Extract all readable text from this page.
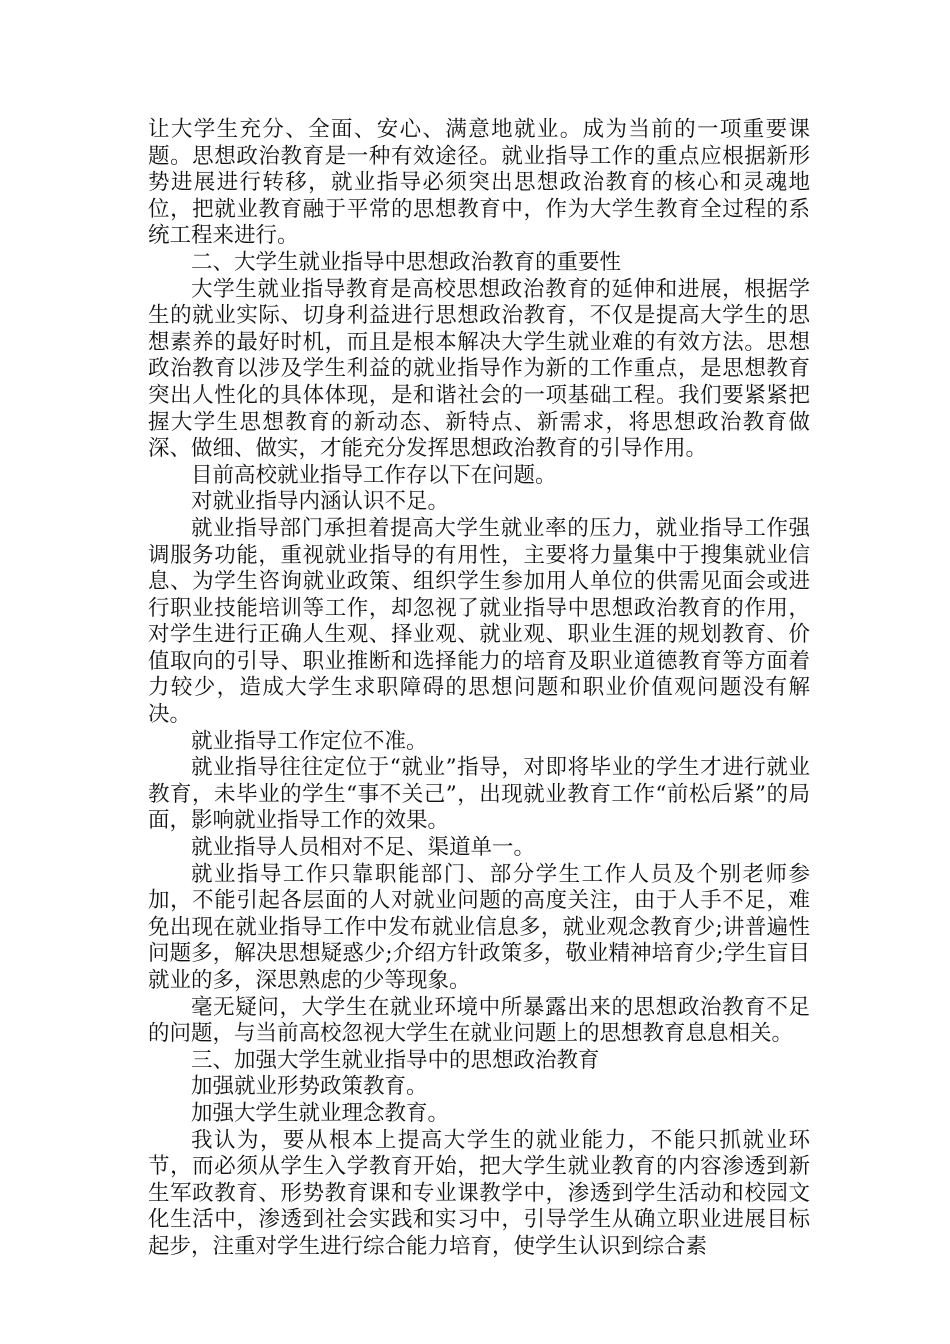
让大学生充分、全面、安心、满意地就业。成为当前的一项重要课题。思想政治教育是一种有效途径。就业指导工作的重点应根据新形势进展进行转移，就业指导必须突出思想政治教育的核心和灵魂地位，把就业教育融于平常的思想教育中，作为大学生教育全过程的系统工程来进行。

二、大学生就业指导中思想政治教育的重要性

大学生就业指导教育是高校思想政治教育的延伸和进展，根据学生的就业实际、切身利益进行思想政治教育，不仅是提高大学生的思想素养的最好时机，而且是根本解决大学生就业难的有效方法。思想政治教育以涉及学生利益的就业指导作为新的工作重点，是思想教育突出人性化的具体体现，是和谐社会的一项基础工程。我们要紧紧把握大学生思想教育的新动态、新特点、新需求，将思想政治教育做深、做细、做实，才能充分发挥思想政治教育的引导作用。

目前高校就业指导工作存以下在问题。

对就业指导内涵认识不足。

就业指导部门承担着提高大学生就业率的压力，就业指导工作强调服务功能，重视就业指导的有用性，主要将力量集中于搜集就业信息、为学生咨询就业政策、组织学生参加用人单位的供需见面会或进行职业技能培训等工作，却忽视了就业指导中思想政治教育的作用，对学生进行正确人生观、择业观、就业观、职业生涯的规划教育、价值取向的引导、职业推断和选择能力的培育及职业道德教育等方面着力较少，造成大学生求职障碍的思想问题和职业价值观问题没有解决。

就业指导工作定位不准。

就业指导往往定位于“就业”指导，对即将毕业的学生才进行就业教育，未毕业的学生“事不关己”，出现就业教育工作“前松后紧”的局面，影响就业指导工作的效果。

就业指导人员相对不足、渠道单一。

就业指导工作只靠职能部门、部分学生工作人员及个别老师参加，不能引起各层面的人对就业问题的高度关注，由于人手不足，难免出现在就业指导工作中发布就业信息多，就业观念教育少;讲普遍性问题多，解决思想疑惑少;介绍方针政策多，敬业精神培育少;学生盲目就业的多，深思熟虑的少等现象。

毫无疑问，大学生在就业环境中所暴露出来的思想政治教育不足的问题，与当前高校忽视大学生在就业问题上的思想教育息息相关。

三、加强大学生就业指导中的思想政治教育

加强就业形势政策教育。

加强大学生就业理念教育。

我认为，要从根本上提高大学生的就业能力，不能只抓就业环节，而必须从学生入学教育开始，把大学生就业教育的内容渗透到新生军政教育、形势教育课和专业课教学中，渗透到学生活动和校园文化生活中，渗透到社会实践和实习中，引导学生从确立职业进展目标起步，注重对学生进行综合能力培育，使学生认识到综合素
